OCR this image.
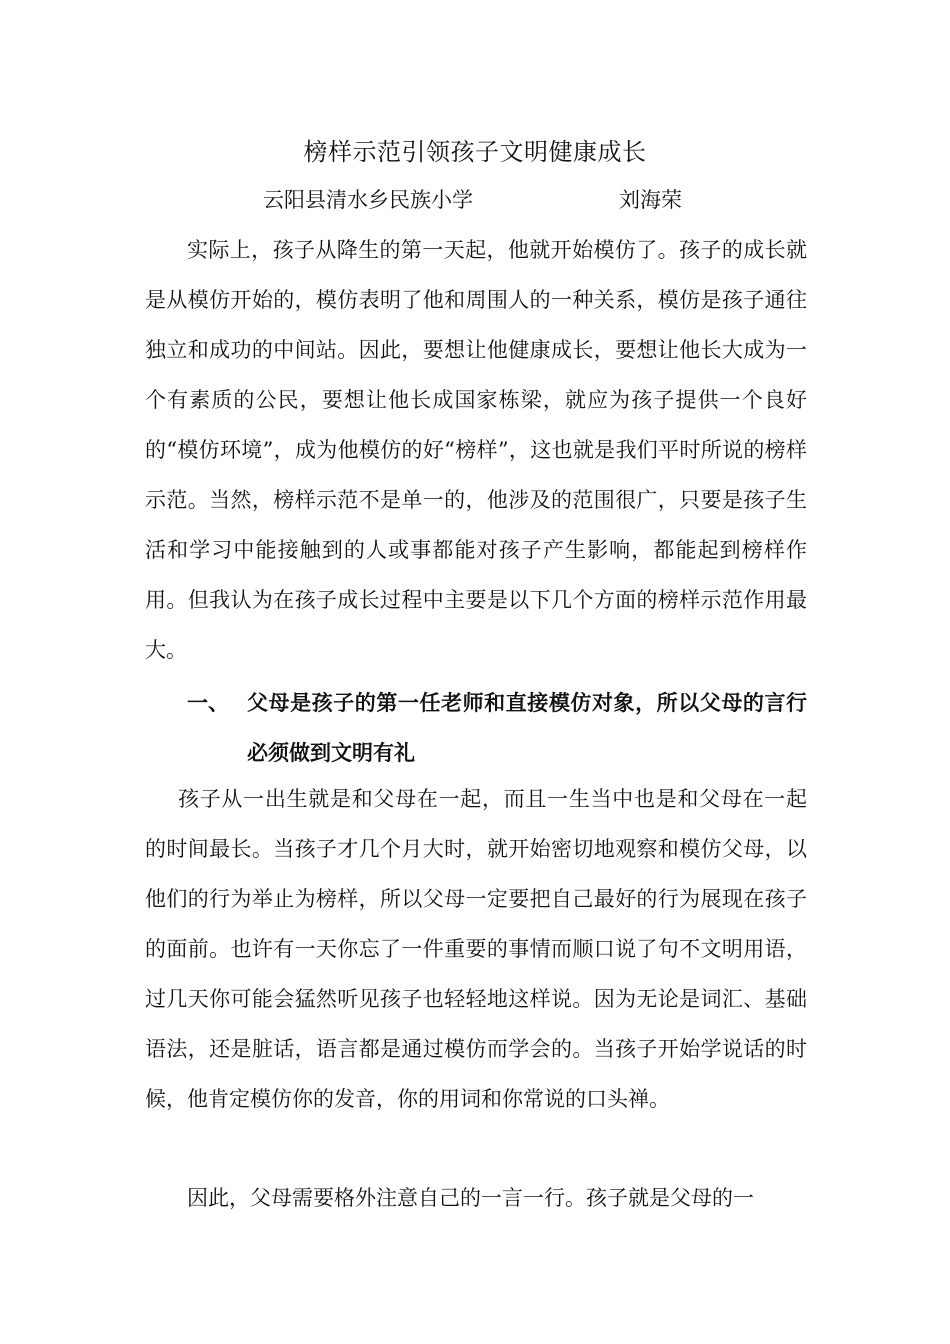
榜样示范引领孩子文明健康成长
云阳县清水乡民族小学	刘海荣

实际上，孩子从降生的第一天起，他就开始模仿了。孩子的成长就是从模仿开始的，模仿表明了他和周围人的一种关系，模仿是孩子通往独立和成功的中间站。因此，要想让他健康成长，要想让他长大成为一个有素质的公民，要想让他长成国家栋梁，就应为孩子提供一个良好的“模仿环境”，成为他模仿的好“榜样”，这也就是我们平时所说的榜样示范。当然，榜样示范不是单一的，他涉及的范围很广，只要是孩子生活和学习中能接触到的人或事都能对孩子产生影响，都能起到榜样作用。但我认为在孩子成长过程中主要是以下几个方面的榜样示范作用最大。

一、 父母是孩子的第一任老师和直接模仿对象，所以父母的言行必须做到文明有礼

孩子从一出生就是和父母在一起，而且一生当中也是和父母在一起的时间最长。当孩子才几个月大时，就开始密切地观察和模仿父母，以他们的行为举止为榜样，所以父母一定要把自己最好的行为展现在孩子的面前。也许有一天你忘了一件重要的事情而顺口说了句不文明用语，过几天你可能会猛然听见孩子也轻轻地这样说。因为无论是词汇、基础语法，还是脏话，语言都是通过模仿而学会的。当孩子开始学说话的时候，他肯定模仿你的发音，你的用词和你常说的口头禅。

因此，父母需要格外注意自己的一言一行。孩子就是父母的一
